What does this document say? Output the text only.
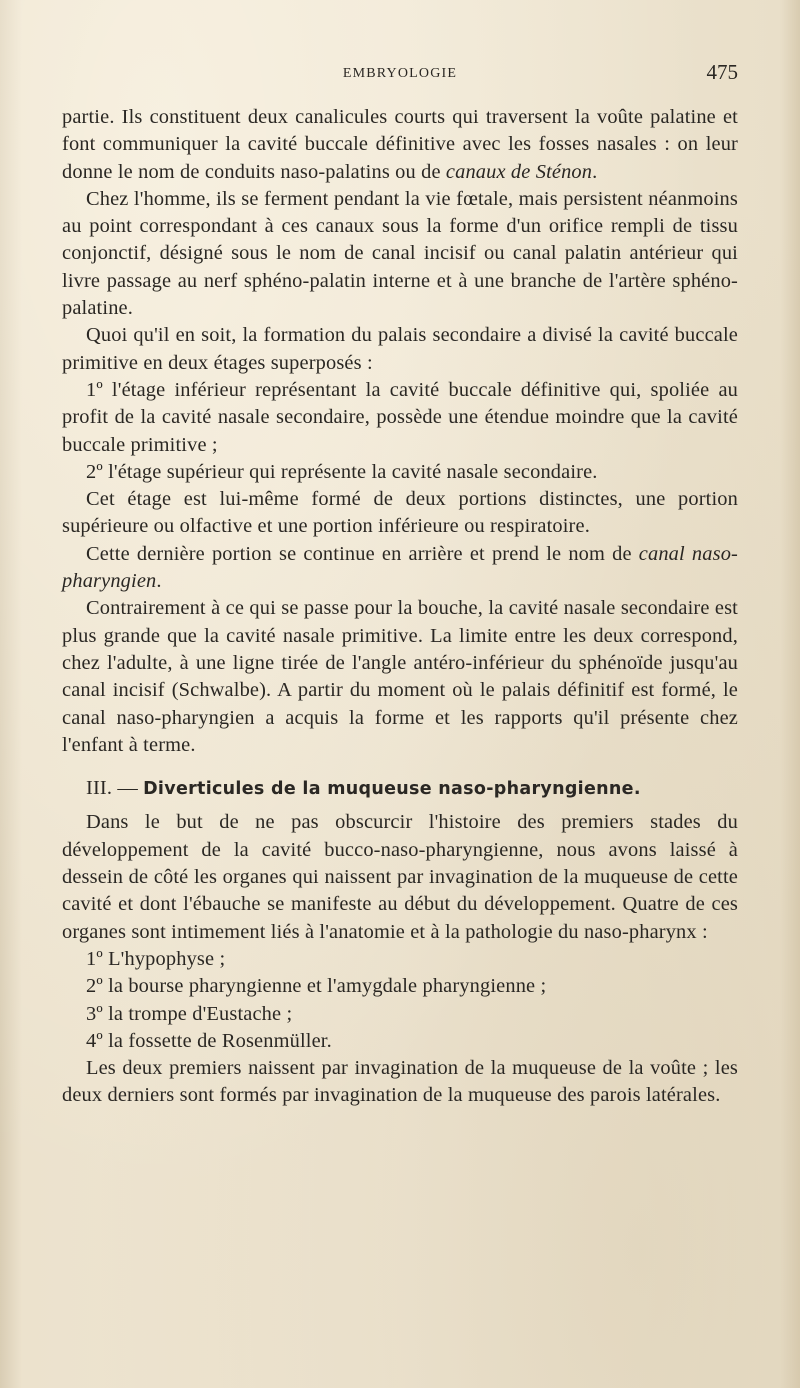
EMBRYOLOGIE	475

partie. Ils constituent deux canalicules courts qui traversent la voûte palatine et font communiquer la cavité buccale définitive avec les fosses nasales : on leur donne le nom de conduits naso-palatins ou de canaux de Sténon.

Chez l'homme, ils se ferment pendant la vie fœtale, mais persistent néanmoins au point correspondant à ces canaux sous la forme d'un orifice rempli de tissu conjonctif, désigné sous le nom de canal incisif ou canal palatin antérieur qui livre passage au nerf sphéno-palatin interne et à une branche de l'artère sphéno-palatine.

Quoi qu'il en soit, la formation du palais secondaire a divisé la cavité buccale primitive en deux étages superposés :

1º l'étage inférieur représentant la cavité buccale définitive qui, spoliée au profit de la cavité nasale secondaire, possède une étendue moindre que la cavité buccale primitive ;

2º l'étage supérieur qui représente la cavité nasale secondaire.

Cet étage est lui-même formé de deux portions distinctes, une portion supérieure ou olfactive et une portion inférieure ou respiratoire.

Cette dernière portion se continue en arrière et prend le nom de canal naso-pharyngien.

Contrairement à ce qui se passe pour la bouche, la cavité nasale secondaire est plus grande que la cavité nasale primitive. La limite entre les deux correspond, chez l'adulte, à une ligne tirée de l'angle antéro-inférieur du sphénoïde jusqu'au canal incisif (Schwalbe). A partir du moment où le palais définitif est formé, le canal naso-pharyngien a acquis la forme et les rapports qu'il présente chez l'enfant à terme.

III. — Diverticules de la muqueuse naso-pharyngienne.

Dans le but de ne pas obscurcir l'histoire des premiers stades du développement de la cavité bucco-naso-pharyngienne, nous avons laissé à dessein de côté les organes qui naissent par invagination de la muqueuse de cette cavité et dont l'ébauche se manifeste au début du développement. Quatre de ces organes sont intimement liés à l'anatomie et à la pathologie du naso-pharynx :

1º L'hypophyse ;

2º la bourse pharyngienne et l'amygdale pharyngienne ;

3º la trompe d'Eustache ;

4º la fossette de Rosenmüller.

Les deux premiers naissent par invagination de la muqueuse de la voûte ; les deux derniers sont formés par invagination de la muqueuse des parois latérales.
